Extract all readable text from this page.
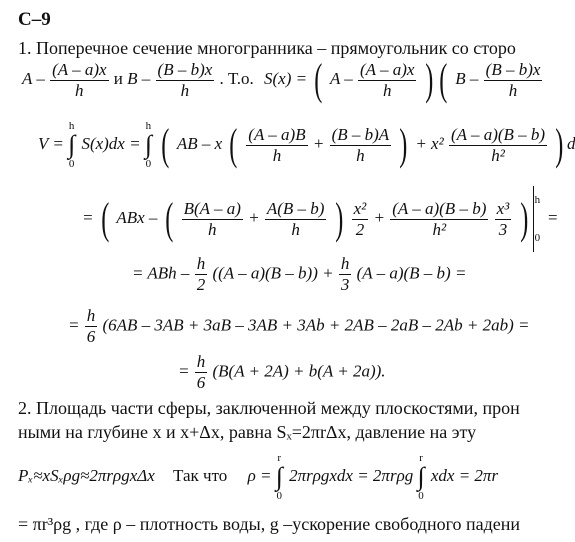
С–9
1. Поперечное сечение многогранника – прямоугольник со сторо
A – $\frac{(A - a)x}{h}$ и B – $\frac{(B - b)x}{h}$ . Т.о. S(x) = ( A – $\frac{(A - a)x}{h}$ ) ( B – $\frac{(B - b)x}{h}$
V =
h
∫
0
S(x)dx =
h
∫
0 ( AB – x ( $\frac{(A - a)B}{h} + \frac{(B - b)A}{h}$ ) + $x^2 \frac{(A - a)(B - b)}{\text{h²}}$ ) d
= ( ABx – ( $\frac{B(A - a)}{h} + \frac{A(B - b)}{h}$ ) $\frac{\text{x²}}{2} + \frac{(A - a)(B - b)}{\text{h²}}$
$\frac{\text{x³}}{3}$ ) h

0
=
= ABh – $\frac{h}{2} ((A - a)(B - b)) + \frac{h}{3} (A - a)(B - b)$ =
= $\frac{h}{6} (6AB - 3AB + 3aB - 3AB + 3Ab + 2AB - 2aB - 2Ab + 2ab)$ =
= $\frac{h}{6} (B(A + 2A) + b(A + 2a))$.
2. Площадь части сферы, заключенной между плоскостями, прон
ными на глубине x и x+Δx, равна Sₓ=2πrΔx, давление на эту
Pₓ≈xSₓρg≈2πrρgxΔx Так что ρ =
r
∫
0
2πrρgxdx = 2πrρg
r
∫
0
xdx = 2πr
= πr³ρg , где ρ – плотность воды, g –ускорение свободного падени
